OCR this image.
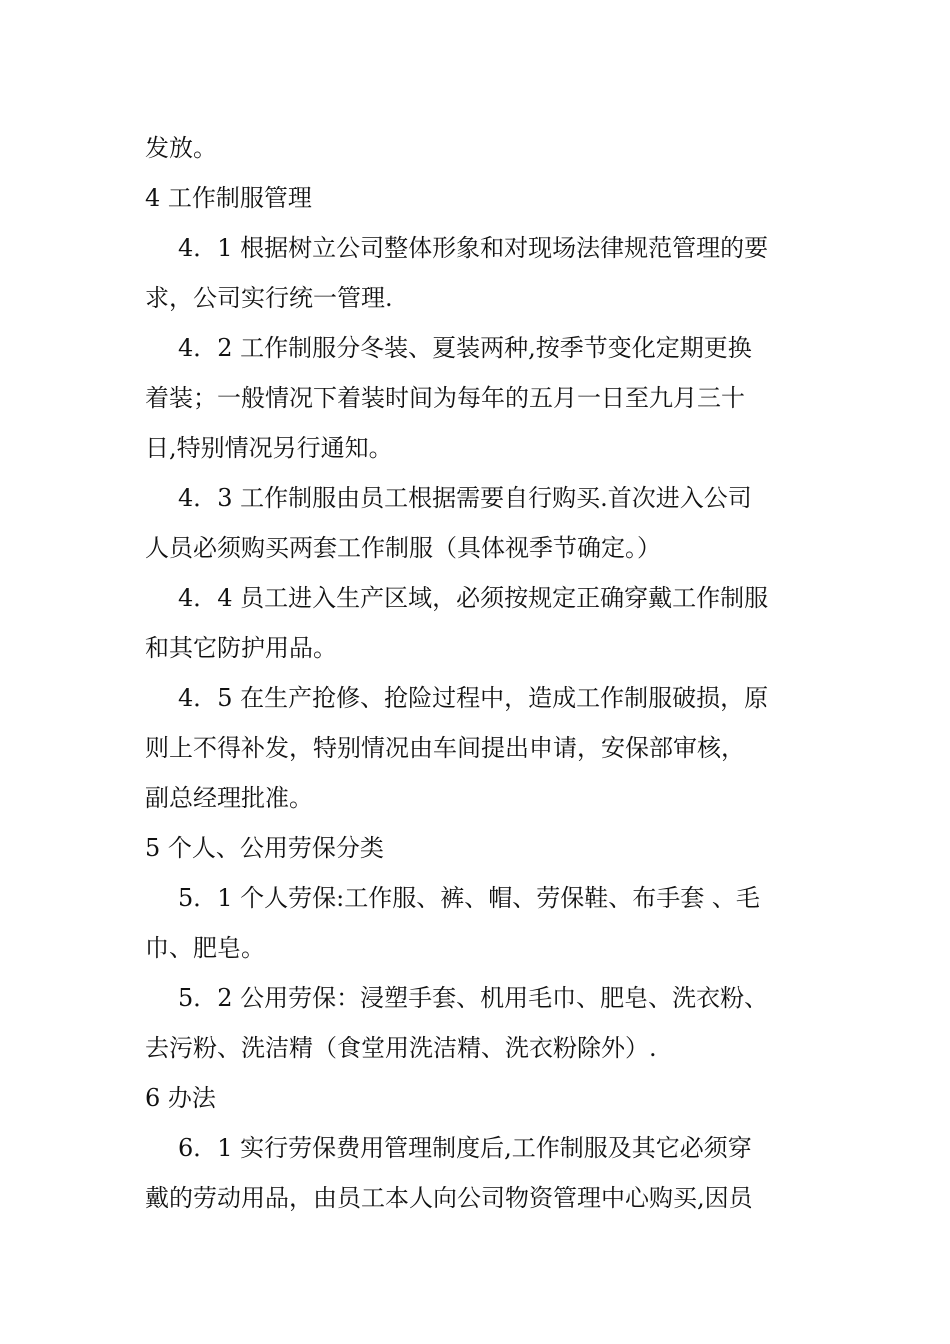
发放。
4 工作制服管理
4．1 根据树立公司整体形象和对现场法律规范管理的要
求，公司实行统一管理.
4．2 工作制服分冬装、夏装两种,按季节变化定期更换
着装；一般情况下着装时间为每年的五月一日至九月三十
日,特别情况另行通知。
4．3 工作制服由员工根据需要自行购买.首次进入公司
人员必须购买两套工作制服（具体视季节确定。）
4．4 员工进入生产区域，必须按规定正确穿戴工作制服
和其它防护用品。
4．5 在生产抢修、抢险过程中，造成工作制服破损，原
则上不得补发，特别情况由车间提出申请，安保部审核，
副总经理批准。
5 个人、公用劳保分类
5．1 个人劳保:工作服、裤、帽、劳保鞋、布手套 、毛
巾、肥皂。
5．2 公用劳保：浸塑手套、机用毛巾、肥皂、洗衣粉、
去污粉、洗洁精（食堂用洗洁精、洗衣粉除外）.
6 办法
6．1 实行劳保费用管理制度后,工作制服及其它必须穿
戴的劳动用品，由员工本人向公司物资管理中心购买,因员
